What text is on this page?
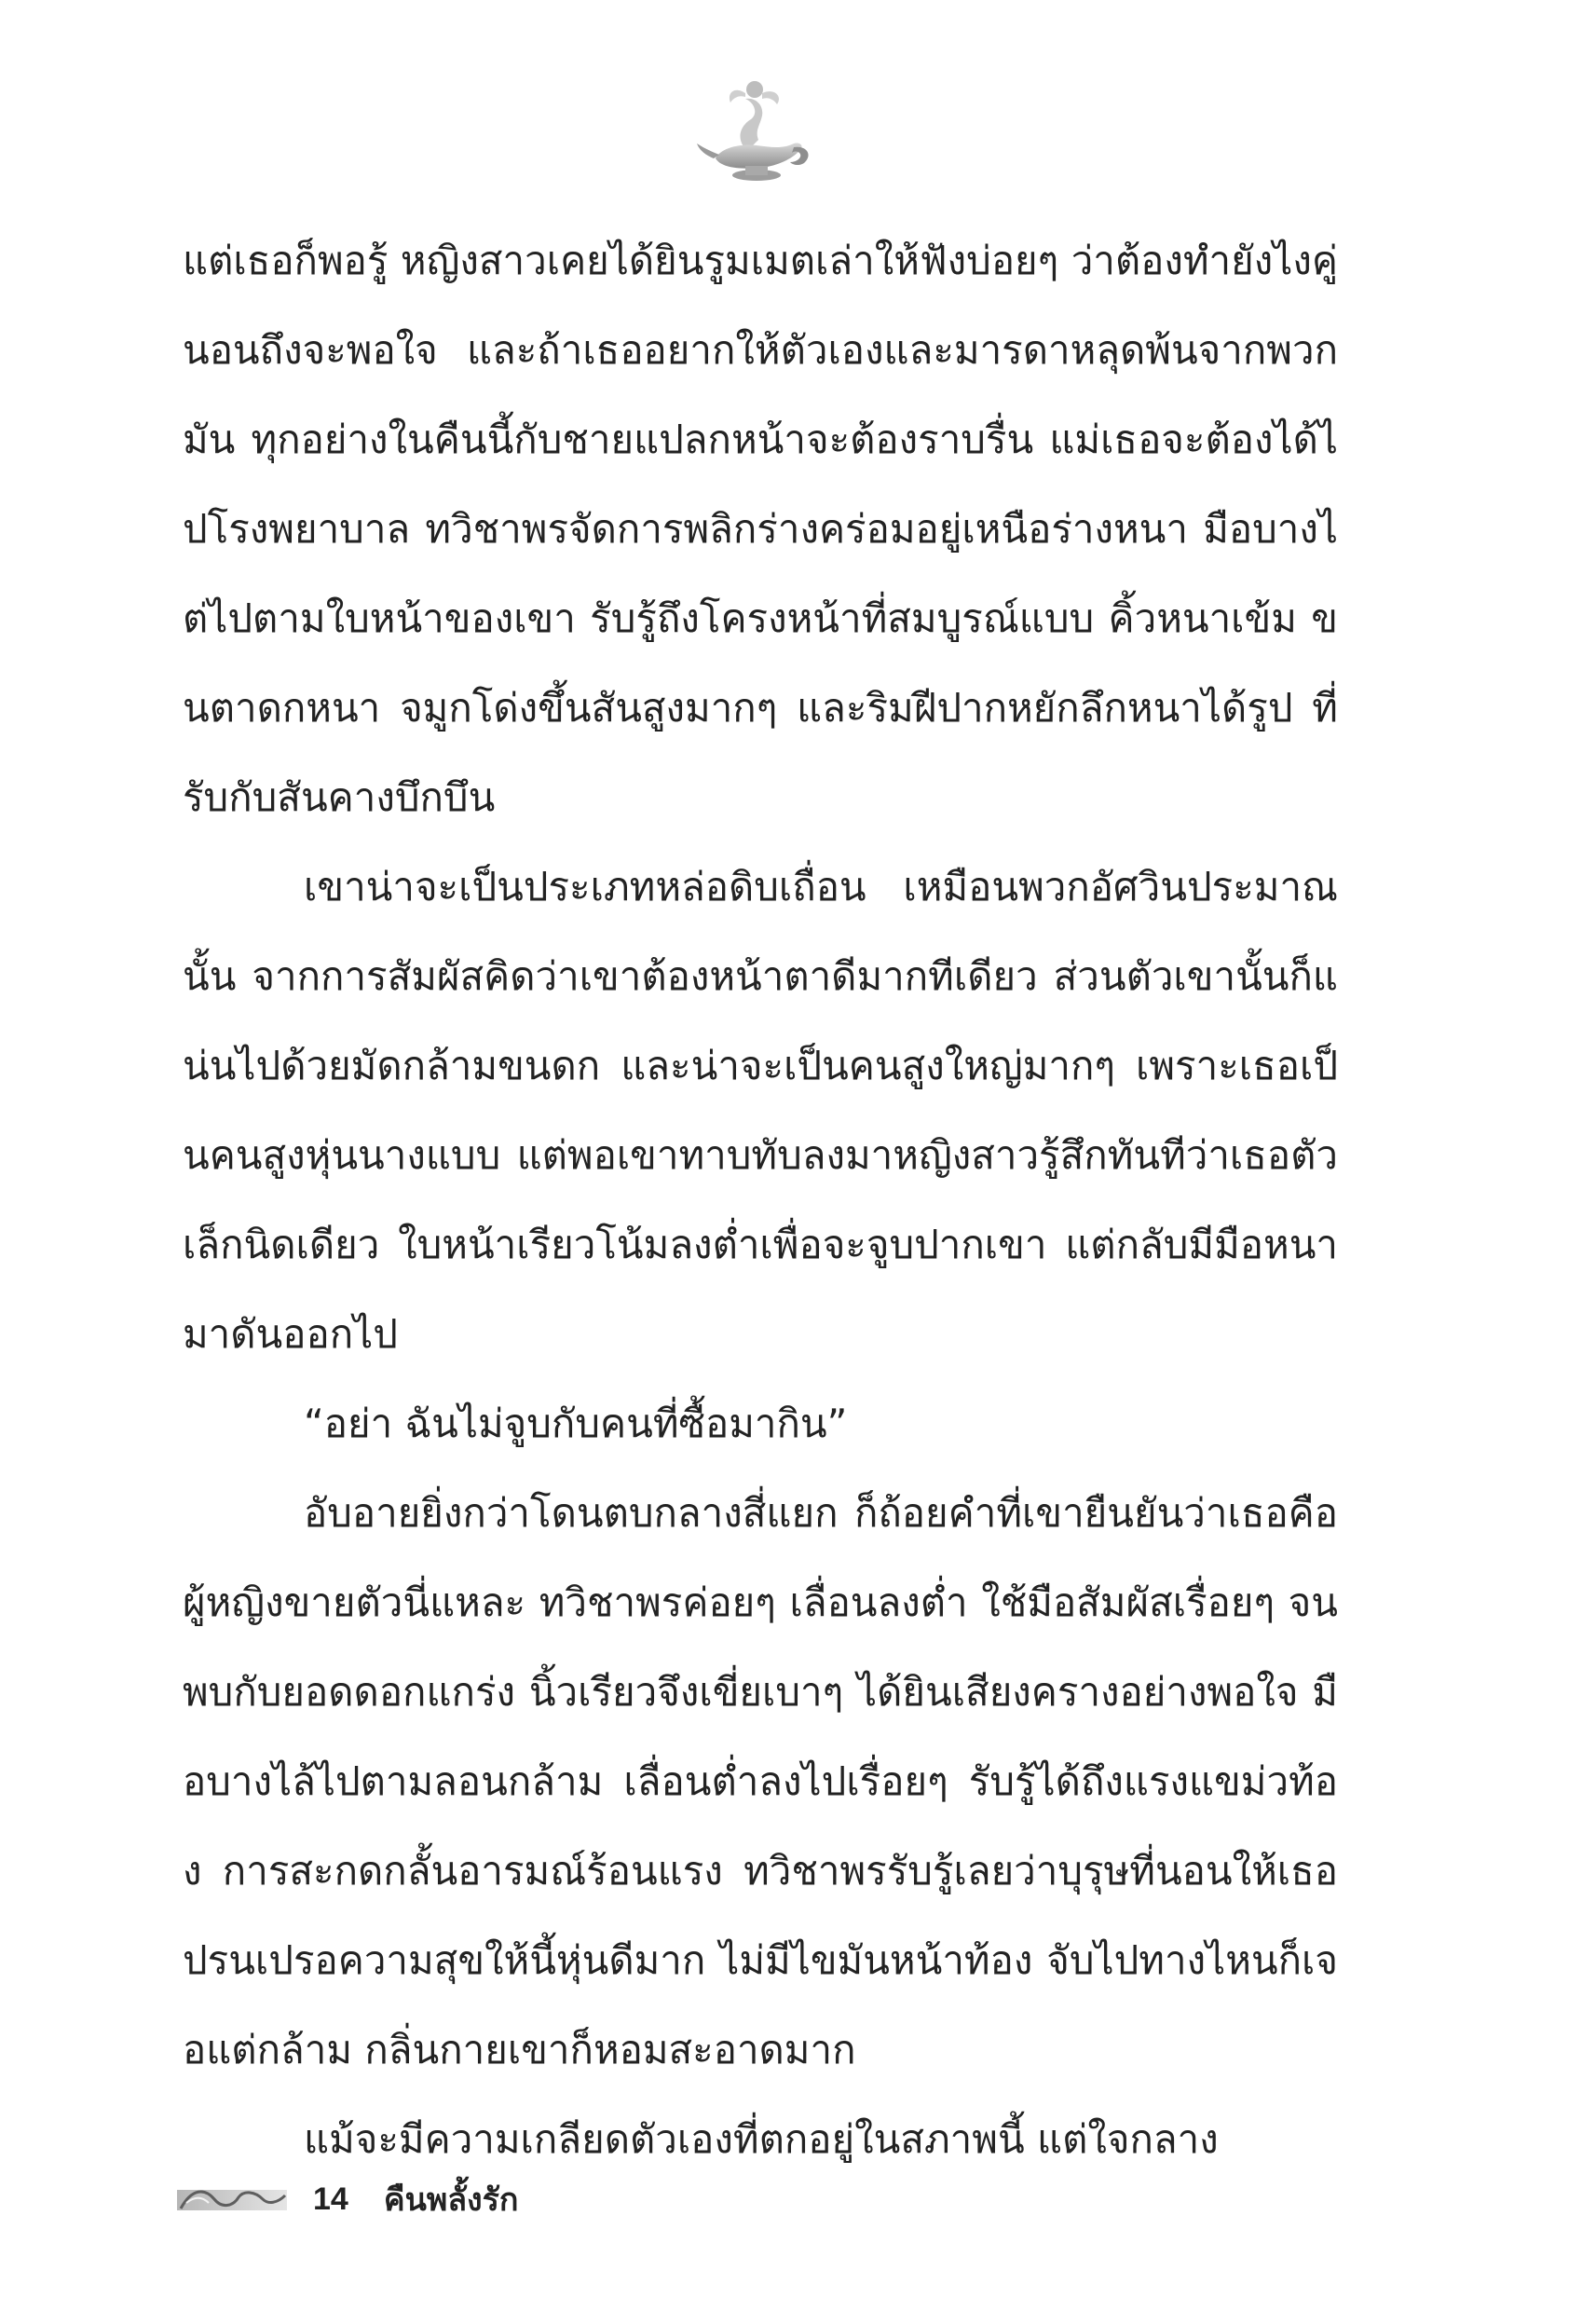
แต่เธอก็พอรู้ หญิงสาวเคยได้ยินรูมเมตเล่าให้ฟังบ่อยๆ ว่าต้องทำยังไงคู่นอนถึงจะพอใจ และถ้าเธออยากให้ตัวเองและมารดาหลุดพ้นจากพวกมัน ทุกอย่างในคืนนี้กับชายแปลกหน้าจะต้องราบรื่น แม่เธอจะต้องได้ไปโรงพยาบาล ทวิชาพรจัดการพลิกร่างคร่อมอยู่เหนือร่างหนา มือบางไต่ไปตามใบหน้าของเขา รับรู้ถึงโครงหน้าที่สมบูรณ์แบบ คิ้วหนาเข้ม ขนตาดกหนา จมูกโด่งขึ้นสันสูงมากๆ และริมฝีปากหยักลึกหนาได้รูป ที่รับกับสันคางบึกบึน

เขาน่าจะเป็นประเภทหล่อดิบเถื่อน เหมือนพวกอัศวินประมาณนั้น จากการสัมผัสคิดว่าเขาต้องหน้าตาดีมากทีเดียว ส่วนตัวเขานั้นก็แน่นไปด้วยมัดกล้ามขนดก และน่าจะเป็นคนสูงใหญ่มากๆ เพราะเธอเป็นคนสูงหุ่นนางแบบ แต่พอเขาทาบทับลงมาหญิงสาวรู้สึกทันทีว่าเธอตัวเล็กนิดเดียว ใบหน้าเรียวโน้มลงต่ำเพื่อจะจูบปากเขา แต่กลับมีมือหนามาดันออกไป

“อย่า ฉันไม่จูบกับคนที่ซื้อมากิน”

อับอายยิ่งกว่าโดนตบกลางสี่แยก ก็ถ้อยคำที่เขายืนยันว่าเธอคือผู้หญิงขายตัวนี่แหละ ทวิชาพรค่อยๆ เลื่อนลงต่ำ ใช้มือสัมผัสเรื่อยๆ จนพบกับยอดดอกแกร่ง นิ้วเรียวจึงเขี่ยเบาๆ ได้ยินเสียงครางอย่างพอใจ มือบางไล้ไปตามลอนกล้าม เลื่อนต่ำลงไปเรื่อยๆ รับรู้ได้ถึงแรงแขม่วท้อง การสะกดกลั้นอารมณ์ร้อนแรง ทวิชาพรรับรู้เลยว่าบุรุษที่นอนให้เธอปรนเปรอความสุขให้นี้หุ่นดีมาก ไม่มีไขมันหน้าท้อง จับไปทางไหนก็เจอแต่กล้าม กลิ่นกายเขาก็หอมสะอาดมาก

แม้จะมีความเกลียดตัวเองที่ตกอยู่ในสภาพนี้ แต่ใจกลาง

14 คืนพลั้งรัก
